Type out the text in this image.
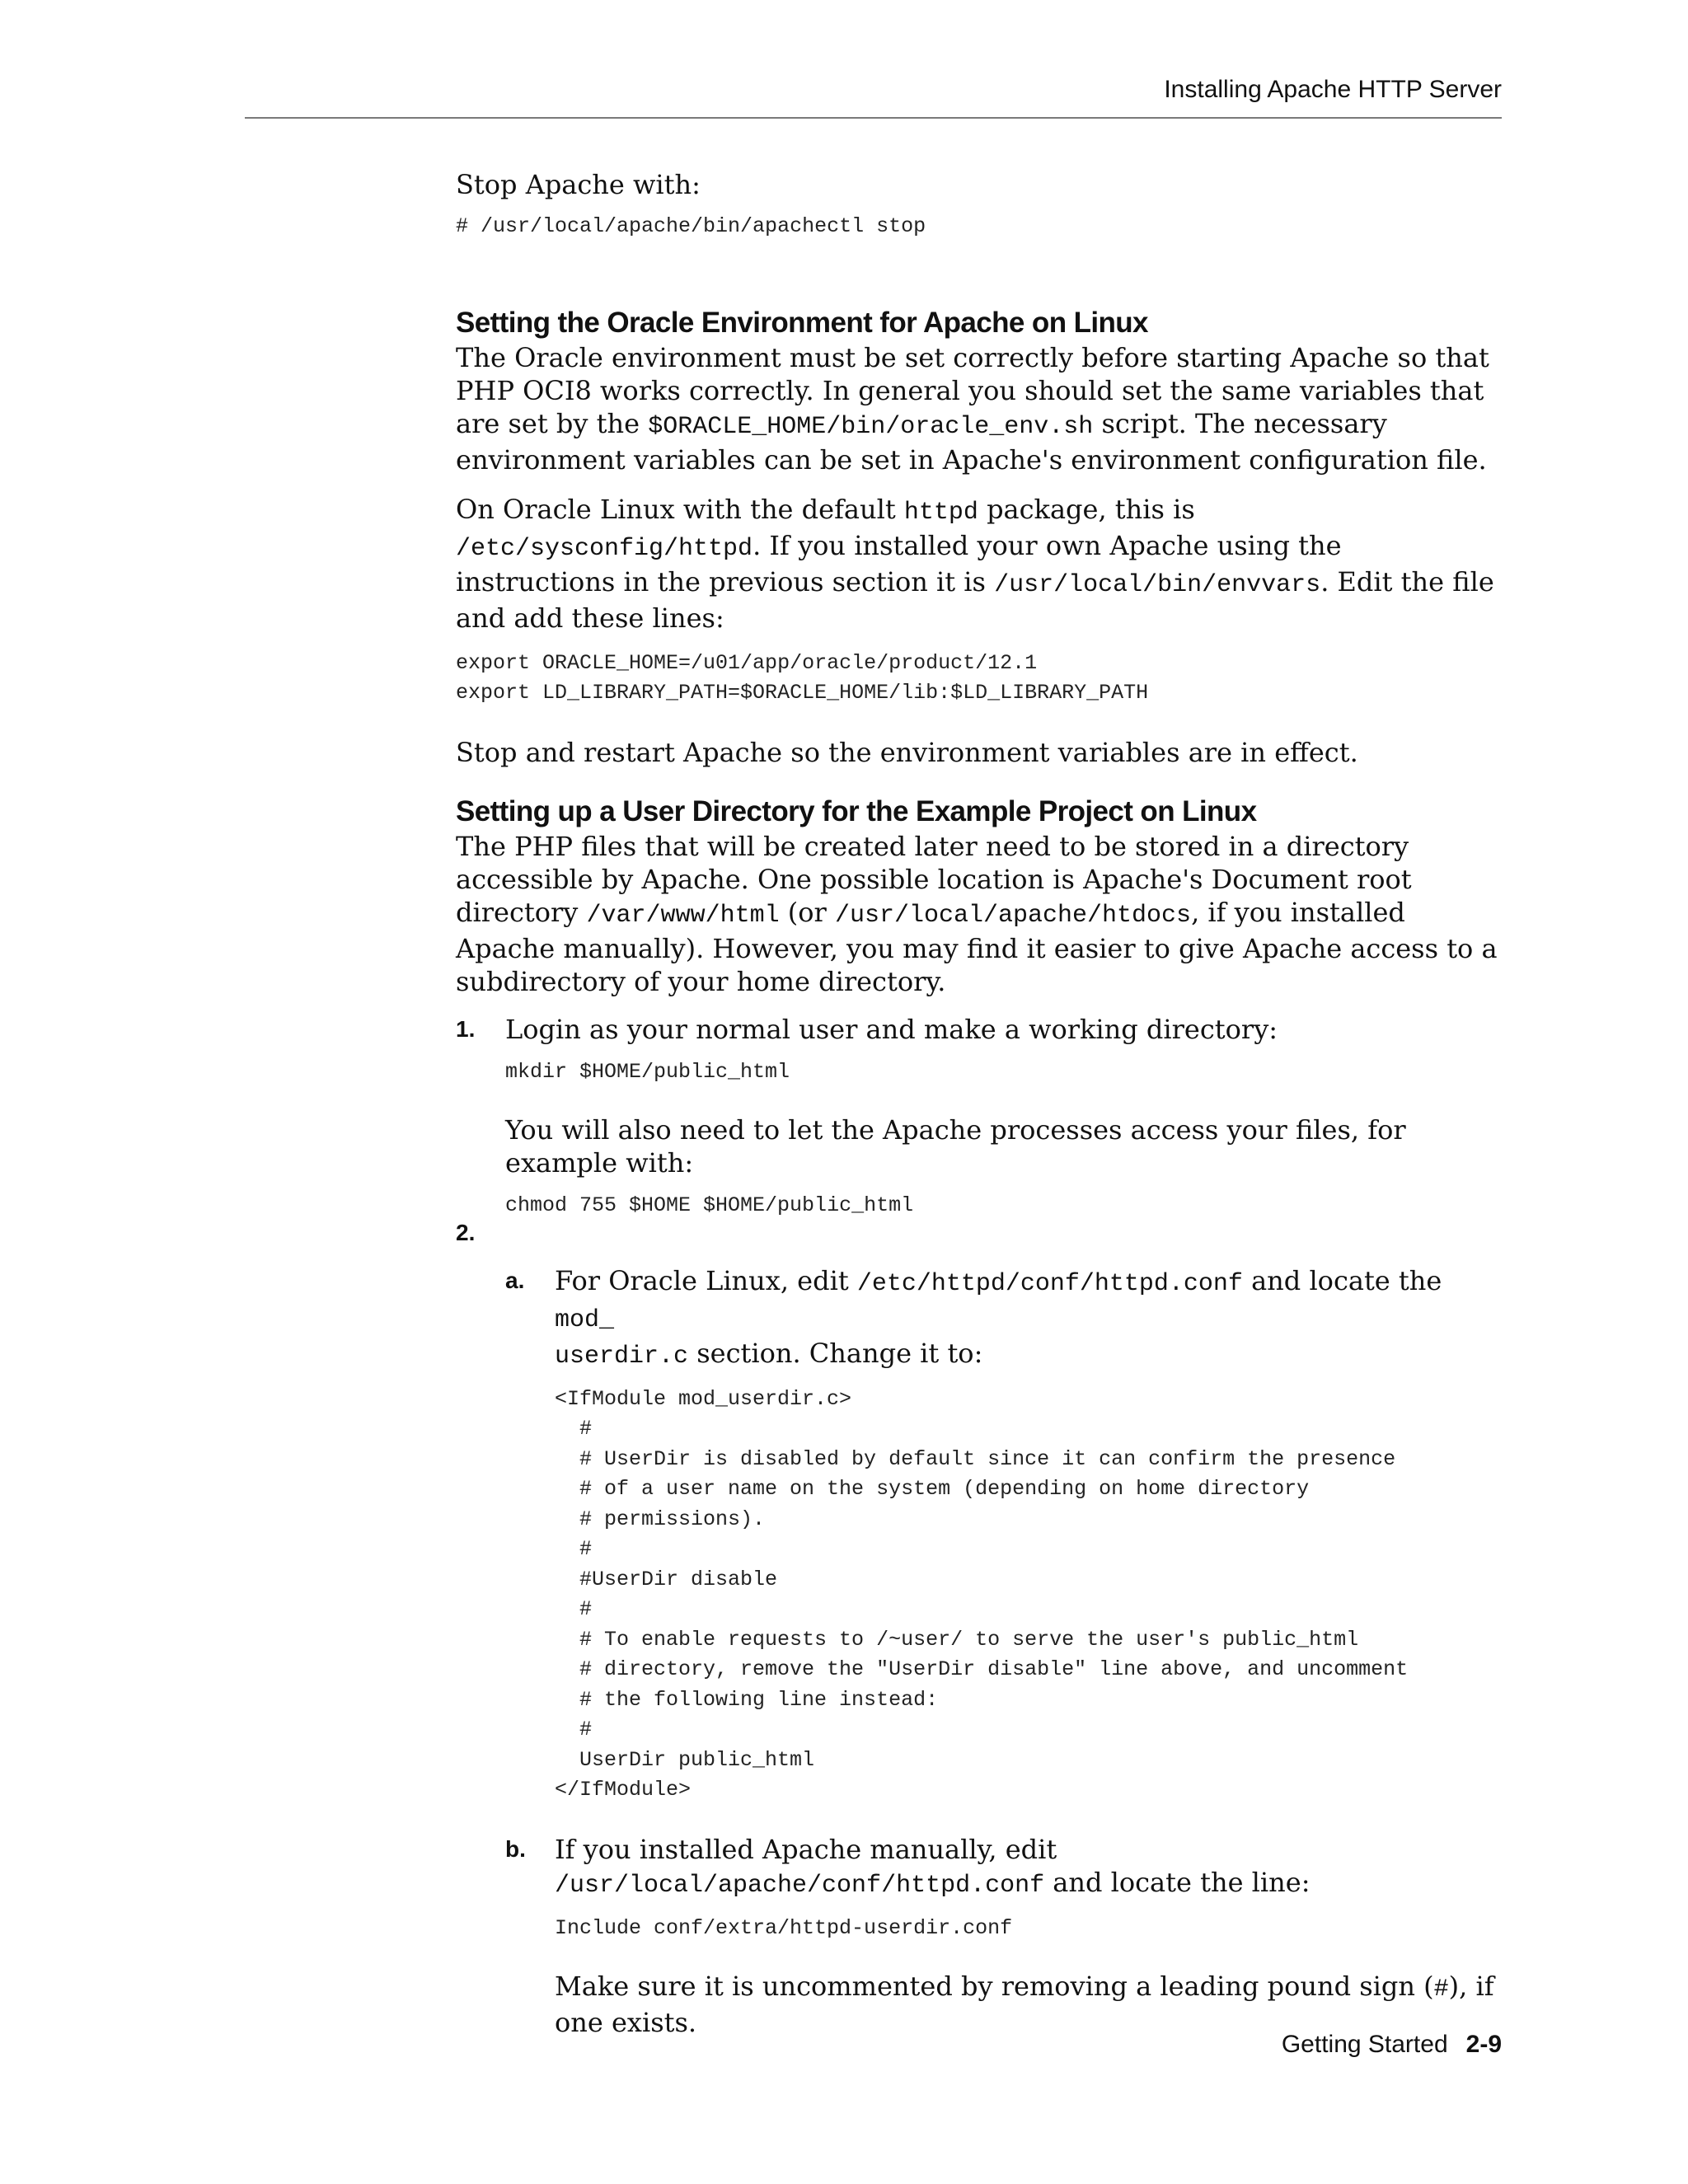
Installing Apache HTTP Server

Stop Apache with:

# /usr/local/apache/bin/apachectl stop
Setting the Oracle Environment for Apache on Linux

The Oracle environment must be set correctly before starting Apache so that PHP OCI8 works correctly. In general you should set the same variables that are set by the $ORACLE_HOME/bin/oracle_env.sh script. The necessary environment variables can be set in Apache's environment configuration file.

On Oracle Linux with the default httpd package, this is /etc/sysconfig/httpd. If you installed your own Apache using the instructions in the previous section it is /usr/local/bin/envvars. Edit the file and add these lines:

export ORACLE_HOME=/u01/app/oracle/product/12.1
export LD_LIBRARY_PATH=$ORACLE_HOME/lib:$LD_LIBRARY_PATH

Stop and restart Apache so the environment variables are in effect.

Setting up a User Directory for the Example Project on Linux

The PHP files that will be created later need to be stored in a directory accessible by Apache. One possible location is Apache's Document root directory /var/www/html (or /usr/local/apache/htdocs, if you installed Apache manually). However, you may find it easier to give Apache access to a subdirectory of your home directory.

1. Login as your normal user and make a working directory:

mkdir $HOME/public_html

You will also need to let the Apache processes access your files, for example with:

chmod 755 $HOME $HOME/public_html
2.
a. For Oracle Linux, edit /etc/httpd/conf/httpd.conf and locate the mod_
userdir.c section. Change it to:

<IfModule mod_userdir.c>
#
# UserDir is disabled by default since it can confirm the presence
# of a user name on the system (depending on home directory
# permissions).
#
#UserDir disable
#
# To enable requests to /~user/ to serve the user's public_html
# directory, remove the "UserDir disable" line above, and uncomment
# the following line instead:
#
UserDir public_html
</IfModule>
b. If you installed Apache manually, edit
/usr/local/apache/conf/httpd.conf and locate the line:

Include conf/extra/httpd-userdir.conf

Make sure it is uncommented by removing a leading pound sign (#), if one exists.

Getting Started 2-9
